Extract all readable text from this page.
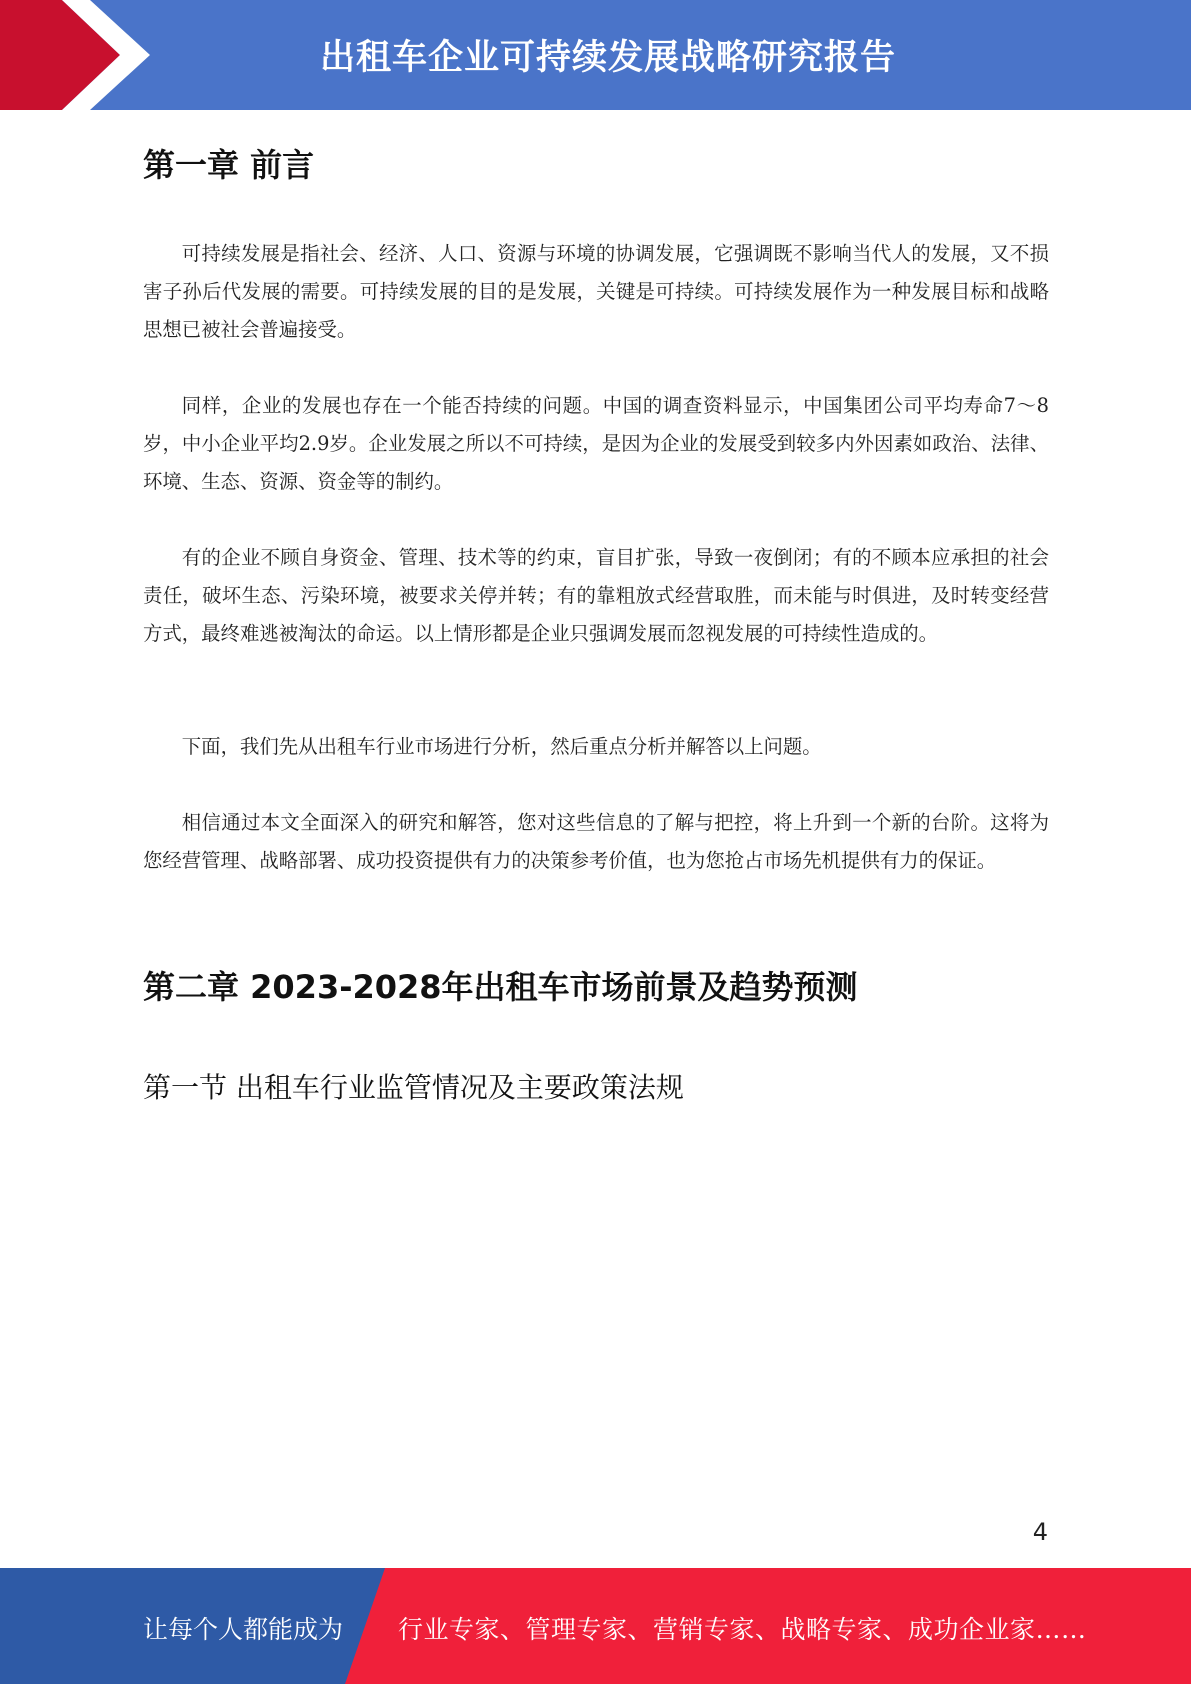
出租车企业可持续发展战略研究报告
第一章 前言

可持续发展是指社会、经济、人口、资源与环境的协调发展，它强调既不影响当代人的发展，又不损害子孙后代发展的需要。可持续发展的目的是发展，关键是可持续。可持续发展作为一种发展目标和战略思想已被社会普遍接受。

同样，企业的发展也存在一个能否持续的问题。中国的调查资料显示，中国集团公司平均寿命7～8岁，中小企业平均2.9岁。企业发展之所以不可持续，是因为企业的发展受到较多内外因素如政治、法律、环境、生态、资源、资金等的制约。

有的企业不顾自身资金、管理、技术等的约束，盲目扩张，导致一夜倒闭；有的不顾本应承担的社会责任，破坏生态、污染环境，被要求关停并转；有的靠粗放式经营取胜，而未能与时俱进，及时转变经营方式，最终难逃被淘汰的命运。以上情形都是企业只强调发展而忽视发展的可持续性造成的。

下面，我们先从出租车行业市场进行分析，然后重点分析并解答以上问题。

相信通过本文全面深入的研究和解答，您对这些信息的了解与把控，将上升到一个新的台阶。这将为您经营管理、战略部署、成功投资提供有力的决策参考价值，也为您抢占市场先机提供有力的保证。

第二章 2023-2028年出租车市场前景及趋势预测
第一节 出租车行业监管情况及主要政策法规
4
让每个人都能成为 行业专家、管理专家、营销专家、战略专家、成功企业家……
